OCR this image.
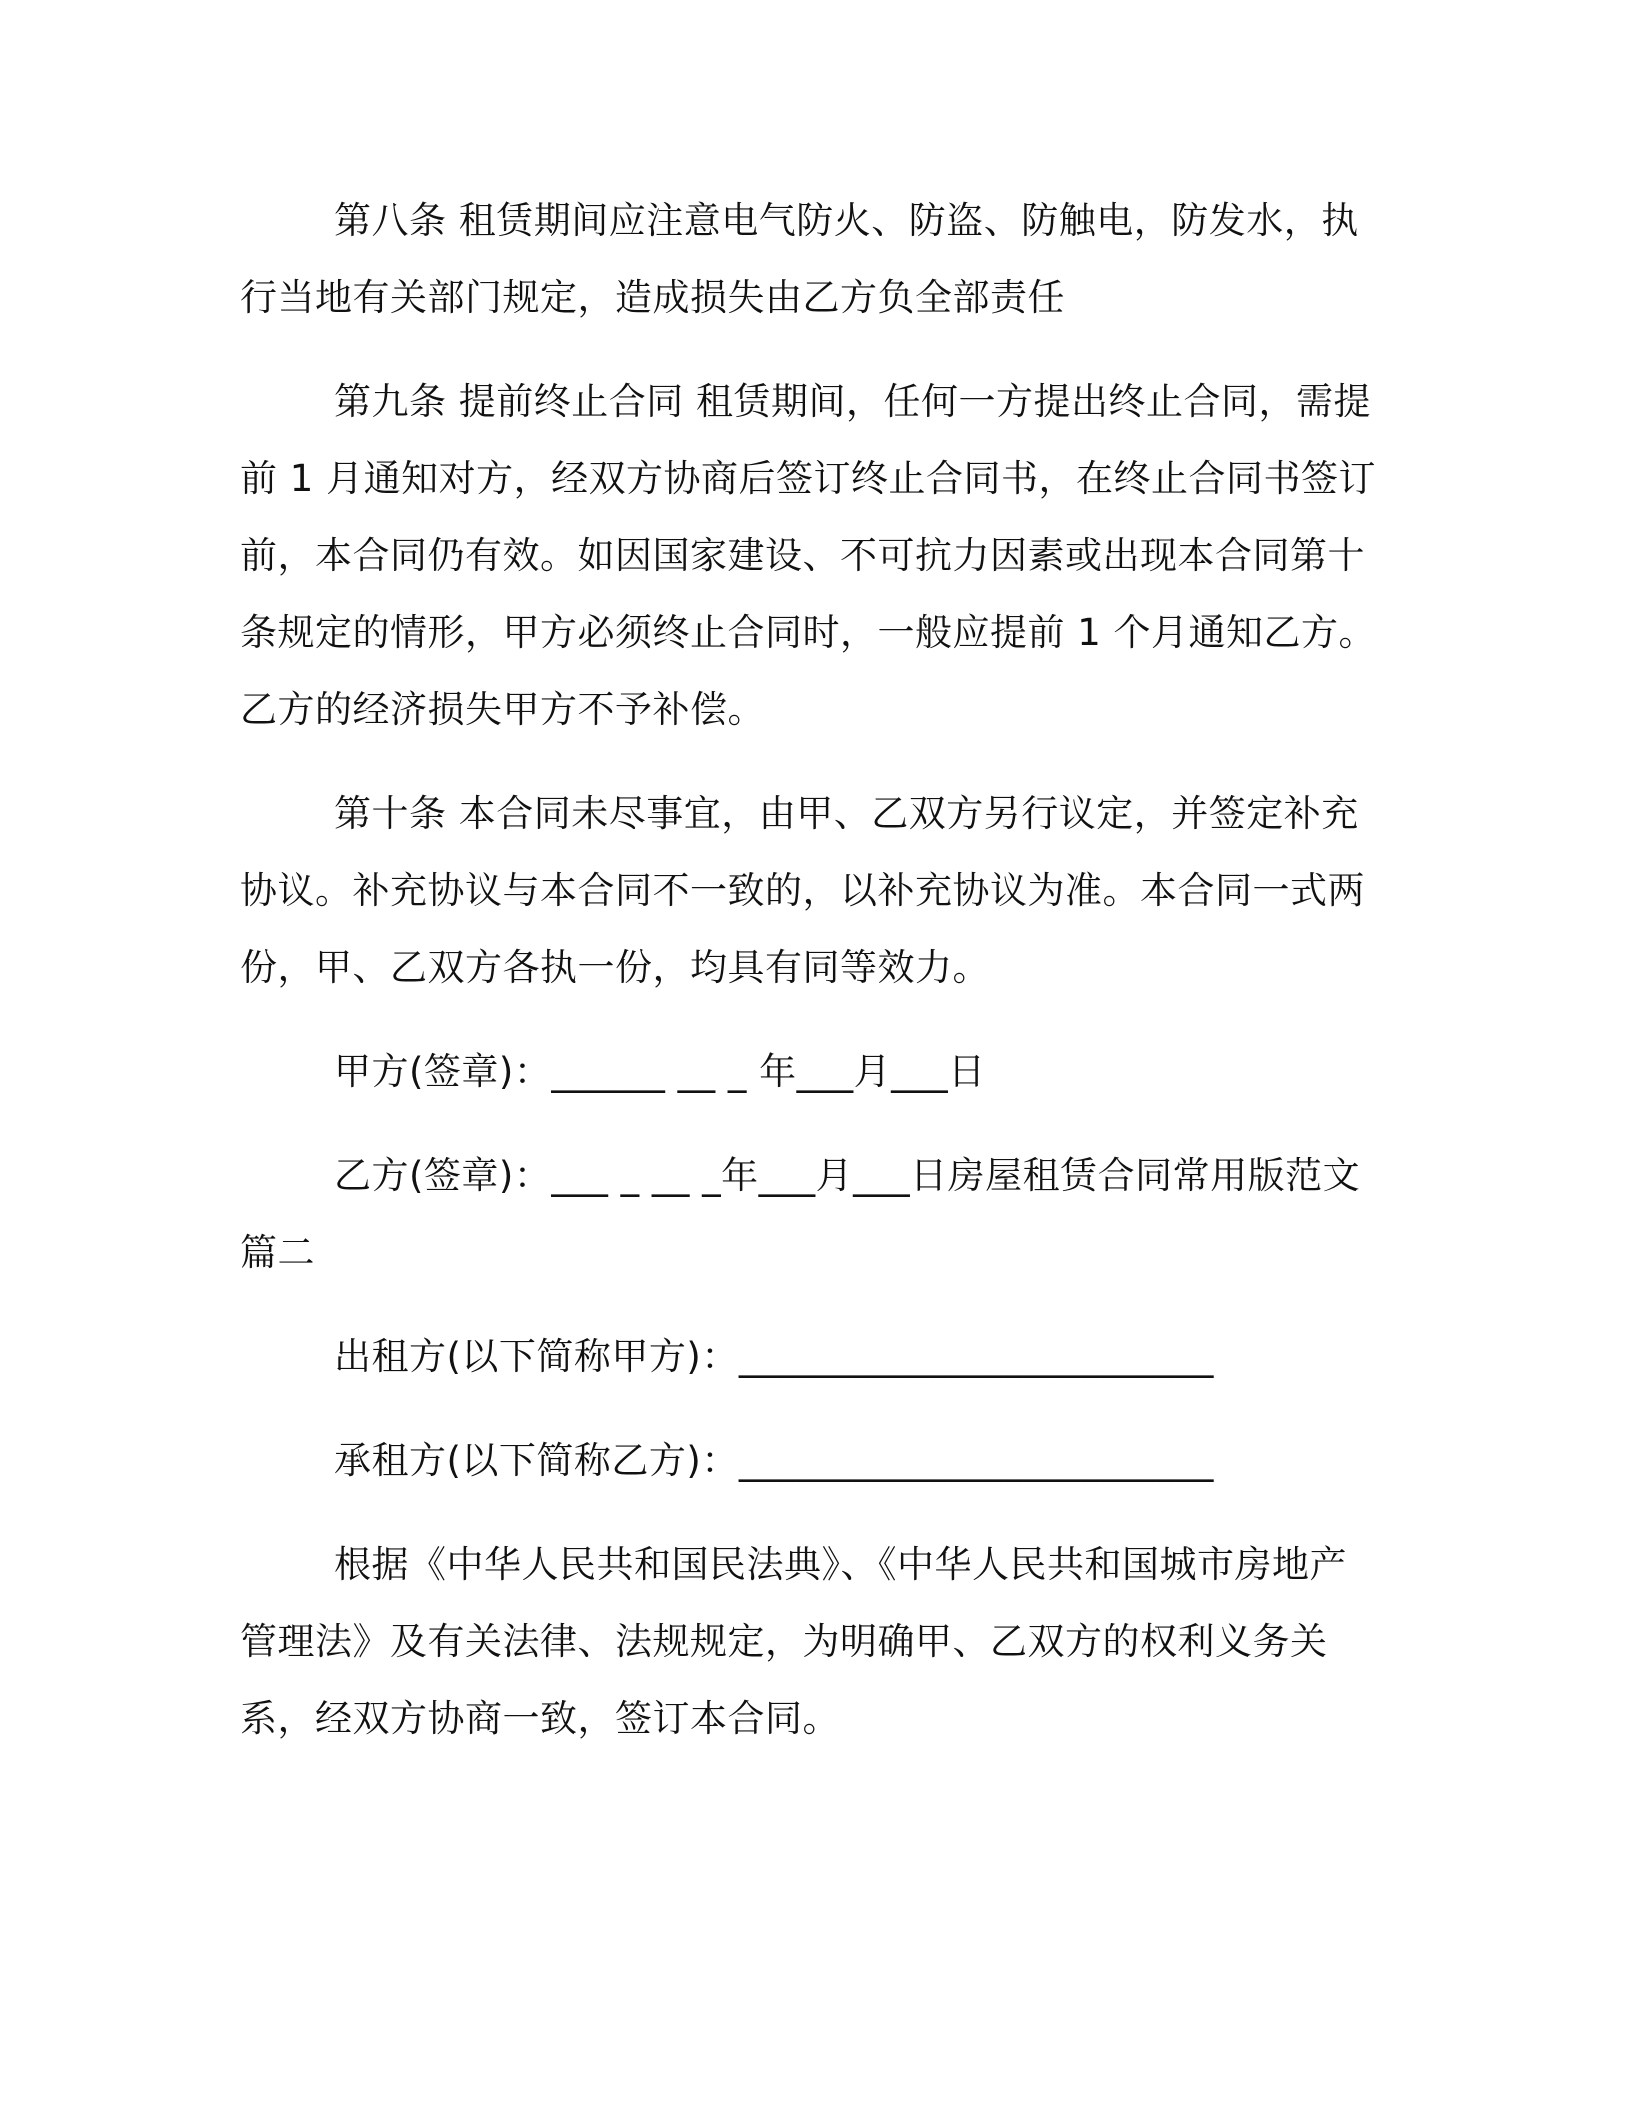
第八条 租赁期间应注意电气防火、防盗、防触电，防发水，执行当地有关部门规定，造成损失由乙方负全部责任

第九条 提前终止合同 租赁期间，任何一方提出终止合同，需提前 1 月通知对方，经双方协商后签订终止合同书，在终止合同书签订前，本合同仍有效。如因国家建设、不可抗力因素或出现本合同第十条规定的情形，甲方必须终止合同时，一般应提前 1 个月通知乙方。乙方的经济损失甲方不予补偿。

第十条 本合同未尽事宜，由甲、乙双方另行议定，并签定补充协议。补充协议与本合同不一致的，以补充协议为准。本合同一式两份，甲、乙双方各执一份，均具有同等效力。

甲方(签章)：______ __ _ 年___月___日

乙方(签章)：___ _ __ _年___月___日房屋租赁合同常用版范文篇二

出租方(以下简称甲方)：_________________________

承租方(以下简称乙方)：_________________________

根据《中华人民共和国民法典》、《中华人民共和国城市房地产管理法》及有关法律、法规规定，为明确甲、乙双方的权利义务关系，经双方协商一致，签订本合同。
